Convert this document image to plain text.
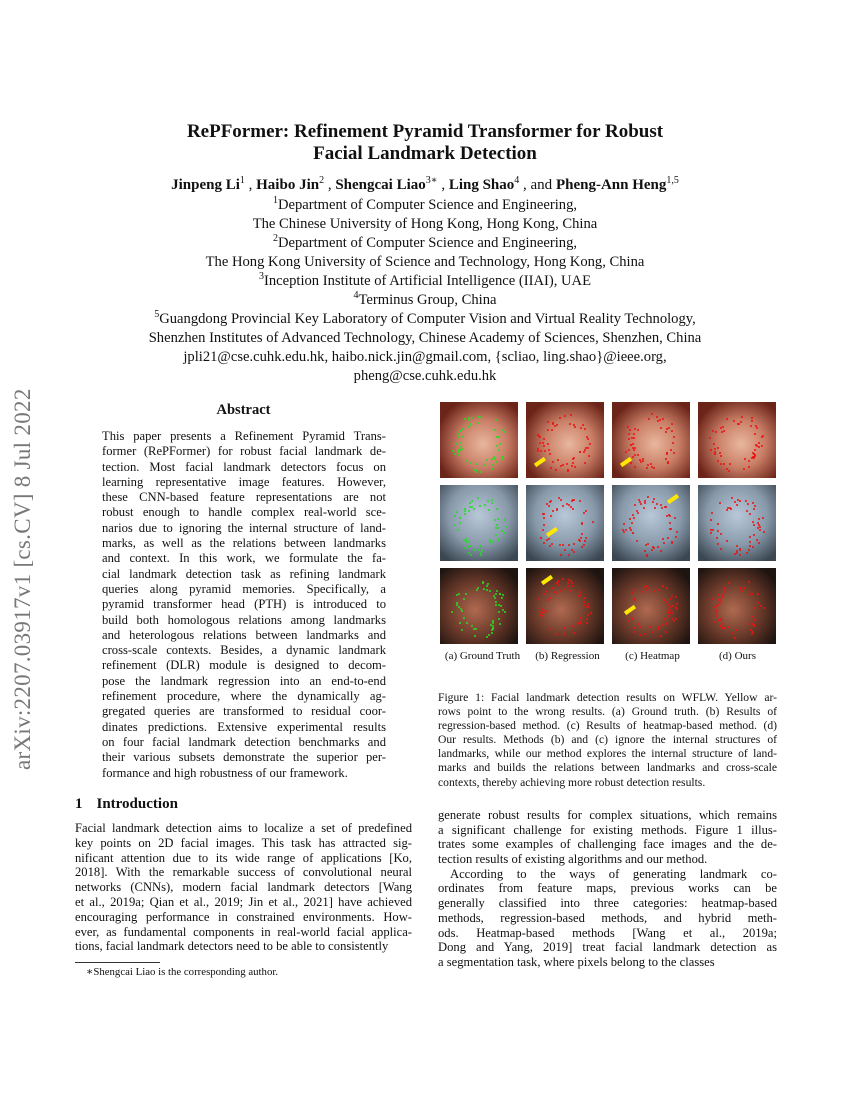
arXiv:2207.03917v1 [cs.CV] 8 Jul 2022
RePFormer: Refinement Pyramid Transformer for Robust
Facial Landmark Detection
Jinpeng Li$^1$ , Haibo Jin$^2$ , Shengcai Liao$^{3∗}$ , Ling Shao$^4$ , and Pheng-Ann Heng$^{1,5}$
$^1$Department of Computer Science and Engineering,
The Chinese University of Hong Kong, Hong Kong, China
$^2$Department of Computer Science and Engineering,
The Hong Kong University of Science and Technology, Hong Kong, China
$^3$Inception Institute of Artificial Intelligence (IIAI), UAE
$^4$Terminus Group, China
$^5$Guangdong Provincial Key Laboratory of Computer Vision and Virtual Reality Technology,
Shenzhen Institutes of Advanced Technology, Chinese Academy of Sciences, Shenzhen, China
jpli21@cse.cuhk.edu.hk, haibo.nick.jin@gmail.com, {scliao, ling.shao}@ieee.org,
pheng@cse.cuhk.edu.hk
Abstract
This paper presents a Refinement Pyramid Trans-
former (RePFormer) for robust facial landmark de-
tection. Most facial landmark detectors focus on
learning representative image features. However,
these CNN-based feature representations are not
robust enough to handle complex real-world sce-
narios due to ignoring the internal structure of land-
marks, as well as the relations between landmarks
and context. In this work, we formulate the fa-
cial landmark detection task as refining landmark
queries along pyramid memories. Specifically, a
pyramid transformer head (PTH) is introduced to
build both homologous relations among landmarks
and heterologous relations between landmarks and
cross-scale contexts. Besides, a dynamic landmark
refinement (DLR) module is designed to decom-
pose the landmark regression into an end-to-end
refinement procedure, where the dynamically ag-
gregated queries are transformed to residual coor-
dinates predictions. Extensive experimental results
on four facial landmark detection benchmarks and
their various subsets demonstrate the superior per-
formance and high robustness of our framework.
1 Introduction
Facial landmark detection aims to localize a set of predefined
key points on 2D facial images. This task has attracted sig-
nificant attention due to its wide range of applications [Ko,
2018]. With the remarkable success of convolutional neural
networks (CNNs), modern facial landmark detectors [Wang
et al., 2019a; Qian et al., 2019; Jin et al., 2021] have achieved
encouraging performance in constrained environments. How-
ever, as fundamental components in real-world facial applica-
tions, facial landmark detectors need to be able to consistently
∗Shengcai Liao is the corresponding author.
(a) Ground Truth	(b) Regression	(c) Heatmap	(d) Ours
Figure 1: Facial landmark detection results on WFLW. Yellow ar-
rows point to the wrong results. (a) Ground truth. (b) Results of
regression-based method. (c) Results of heatmap-based method. (d)
Our results. Methods (b) and (c) ignore the internal structures of
landmarks, while our method explores the internal structure of land-
marks and builds the relations between landmarks and cross-scale
contexts, thereby achieving more robust detection results.
generate robust results for complex situations, which remains
a significant challenge for existing methods. Figure 1 illus-
trates some examples of challenging face images and the de-
tection results of existing algorithms and our method.
According to the ways of generating landmark co-
ordinates from feature maps, previous works can be
generally classified into three categories: heatmap-based
methods, regression-based methods, and hybrid meth-
ods. Heatmap-based methods [Wang et al., 2019a;
Dong and Yang, 2019] treat facial landmark detection as
a segmentation task, where pixels belong to the classes
